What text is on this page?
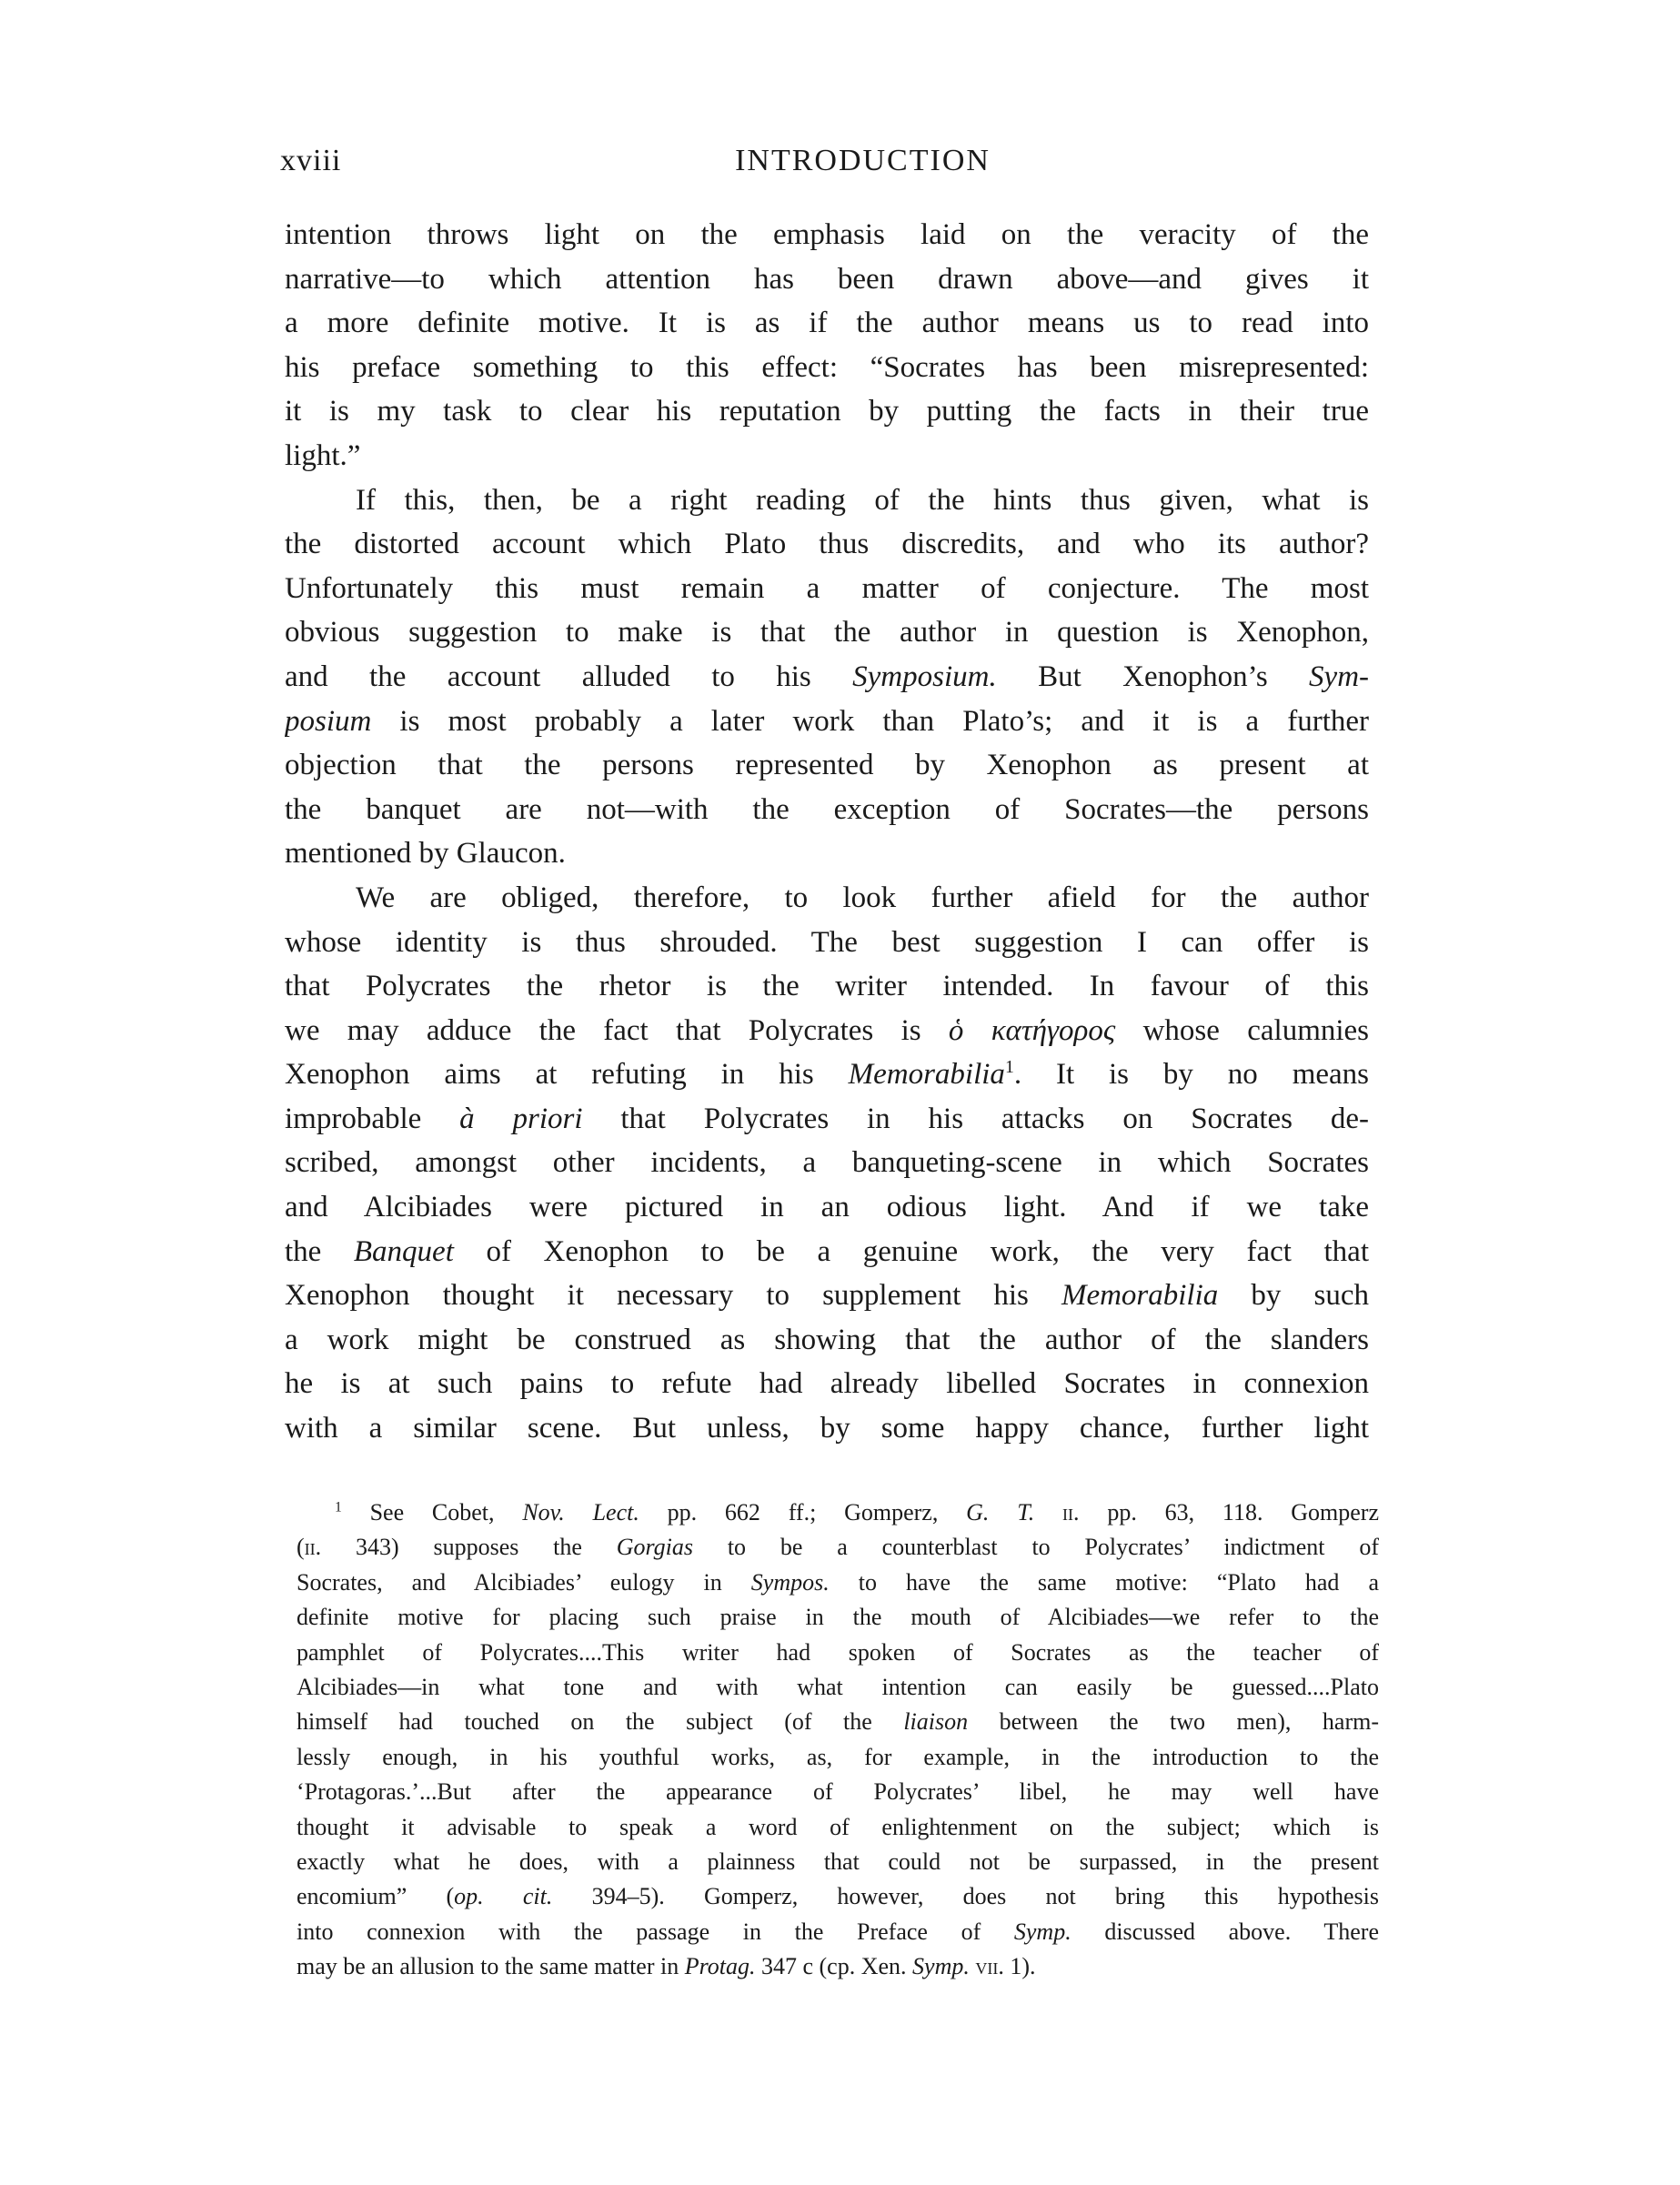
xviii	INTRODUCTION
intention throws light on the emphasis laid on the veracity of the
narrative—to which attention has been drawn above—and gives it
a more definite motive. It is as if the author means us to read into
his preface something to this effect: “Socrates has been misrepresented:
it is my task to clear his reputation by putting the facts in their true
light.”
If this, then, be a right reading of the hints thus given, what is
the distorted account which Plato thus discredits, and who its author?
Unfortunately this must remain a matter of conjecture. The most
obvious suggestion to make is that the author in question is Xenophon,
and the account alluded to his Symposium. But Xenophon’s Sym-
posium is most probably a later work than Plato’s; and it is a further
objection that the persons represented by Xenophon as present at
the banquet are not—with the exception of Socrates—the persons
mentioned by Glaucon.
We are obliged, therefore, to look further afield for the author
whose identity is thus shrouded. The best suggestion I can offer is
that Polycrates the rhetor is the writer intended. In favour of this
we may adduce the fact that Polycrates is ὁ κατήγορος whose calumnies
Xenophon aims at refuting in his Memorabilia$^1$. It is by no means
improbable à priori that Polycrates in his attacks on Socrates de-
scribed, amongst other incidents, a banqueting-scene in which Socrates
and Alcibiades were pictured in an odious light. And if we take
the Banquet of Xenophon to be a genuine work, the very fact that
Xenophon thought it necessary to supplement his Memorabilia by such
a work might be construed as showing that the author of the slanders
he is at such pains to refute had already libelled Socrates in connexion
with a similar scene. But unless, by some happy chance, further light
$^1$ See Cobet, Nov. Lect. pp. 662 ff.; Gomperz, G. T. ii. pp. 63, 118. Gomperz
(ii. 343) supposes the Gorgias to be a counterblast to Polycrates’ indictment of
Socrates, and Alcibiades’ eulogy in Sympos. to have the same motive: “Plato had a
definite motive for placing such praise in the mouth of Alcibiades—we refer to the
pamphlet of Polycrates....This writer had spoken of Socrates as the teacher of
Alcibiades—in what tone and with what intention can easily be guessed....Plato
himself had touched on the subject (of the liaison between the two men), harm-
lessly enough, in his youthful works, as, for example, in the introduction to the
‘Protagoras.’...But after the appearance of Polycrates’ libel, he may well have
thought it advisable to speak a word of enlightenment on the subject; which is
exactly what he does, with a plainness that could not be surpassed, in the present
encomium” (op. cit. 394–5). Gomperz, however, does not bring this hypothesis
into connexion with the passage in the Preface of Symp. discussed above. There
may be an allusion to the same matter in Protag. 347 c (cp. Xen. Symp. vii. 1).
